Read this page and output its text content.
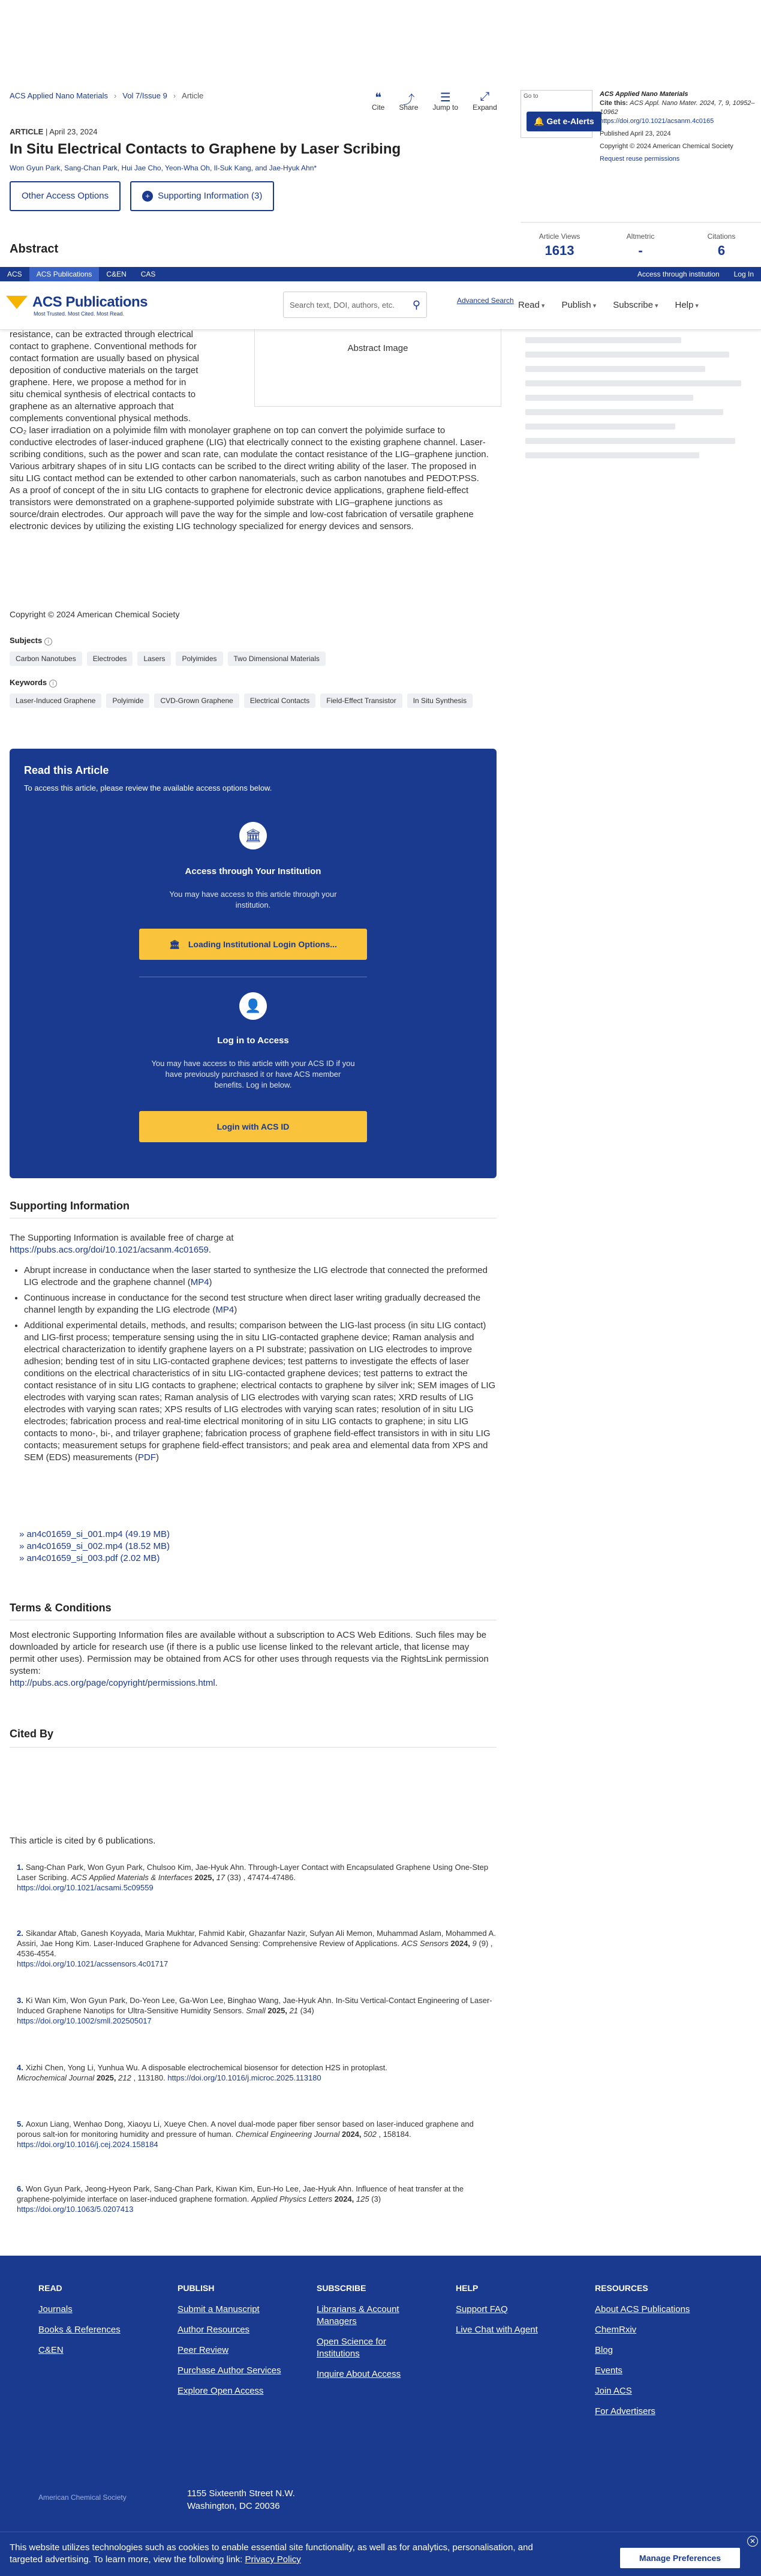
ACS Applied Nano Materials › Vol 7/Issue 9 › Article	❝
Cite
⤴
Share
☰
Jump to
⤢
Expand
ARTICLE | April 23, 2024
In Situ Electrical Contacts to Graphene by Laser Scribing
Won Gyun Park, Sang-Chan Park, Hui Jae Cho, Yeon-Wha Oh, Il-Suk Kang, and Jae-Hyuk Ahn*
Other Access Options	+ Supporting Information (3)
Abstract
Go to
🔔 Get e-Alerts
ACS Applied Nano Materials
Cite this: ACS Appl. Nano Mater. 2024, 7, 9, 10952–10962
https://doi.org/10.1021/acsanm.4c0165
Published April 23, 2024
Copyright © 2024 American Chemical Society
Request reuse permissions
Article Views
1613
Altmetric
-
Citations
6
ACS	ACS Publications	C&EN	CAS	Access through institution	Log In
ACS Publications
Most Trusted. Most Cited. Most Read.
Search text, DOI, authors, etc. ⚲	Advanced Search Read ▾	Publish ▾	Subscribe ▾	Help ▾
resistance, can be extracted through electrical
contact to graphene. Conventional methods for
contact formation are usually based on physical
deposition of conductive materials on the target
graphene. Here, we propose a method for in
situ chemical synthesis of electrical contacts to
graphene as an alternative approach that
complements conventional physical methods.
CO₂ laser irradiation on a polyimide film with monolayer graphene on top can convert the polyimide surface to conductive electrodes of laser-induced graphene (LIG) that electrically connect to the existing graphene channel. Laser-scribing conditions, such as the power and scan rate, can modulate the contact resistance of the LIG–graphene junction. Various arbitrary shapes of in situ LIG contacts can be scribed to the direct writing ability of the laser. The proposed in situ LIG contact method can be extended to other carbon nanomaterials, such as carbon nanotubes and PEDOT:PSS. As a proof of concept of the in situ LIG contacts to graphene for electronic device applications, graphene field-effect transistors were demonstrated on a graphene-supported polyimide substrate with LIG–graphene junctions as source/drain electrodes. Our approach will pave the way for the simple and low-cost fabrication of versatile graphene electronic devices by utilizing the existing LIG technology specialized for energy devices and sensors.
Abstract Image
Copyright © 2024 American Chemical Society
Subjects i
Carbon Nanotubes	Electrodes	Lasers	Polyimides	Two Dimensional Materials
Keywords i
Laser-Induced Graphene	Polyimide	CVD-Grown Graphene	Electrical Contacts	Field-Effect Transistor	In Situ Synthesis
Read this Article
To access this article, please review the available access options below.
🏛
Access through Your Institution
You may have access to this article through your institution.
🏛 Loading Institutional Login Options...
👤
Log in to Access
You may have access to this article with your ACS ID if you have previously purchased it or have ACS member benefits. Log in below.
Login with ACS ID
Supporting Information
The Supporting Information is available free of charge at
https://pubs.acs.org/doi/10.1021/acsanm.4c01659.
• Abrupt increase in conductance when the laser started to synthesize the LIG electrode that connected the preformed LIG electrode and the graphene channel (MP4)
• Continuous increase in conductance for the second test structure when direct laser writing gradually decreased the channel length by expanding the LIG electrode (MP4)
• Additional experimental details, methods, and results; comparison between the LIG-last process (in situ LIG contact) and LIG-first process; temperature sensing using the in situ LIG-contacted graphene device; Raman analysis and electrical characterization to identify graphene layers on a PI substrate; passivation on LIG electrodes to improve adhesion; bending test of in situ LIG-contacted graphene devices; test patterns to investigate the effects of laser conditions on the electrical characteristics of in situ LIG-contacted graphene devices; test patterns to extract the contact resistance of in situ LIG contacts to graphene; electrical contacts to graphene by silver ink; SEM images of LIG electrodes with varying scan rates; Raman analysis of LIG electrodes with varying scan rates; XRD results of LIG electrodes with varying scan rates; XPS results of LIG electrodes with varying scan rates; resolution of in situ LIG electrodes; fabrication process and real-time electrical monitoring of in situ LIG contacts to graphene; in situ LIG contacts to mono-, bi-, and trilayer graphene; fabrication process of graphene field-effect transistors in with in situ LIG contacts; measurement setups for graphene field-effect transistors; and peak area and elemental data from XPS and SEM (EDS) measurements (PDF)
» an4c01659_si_001.mp4 (49.19 MB)
» an4c01659_si_002.mp4 (18.52 MB)
» an4c01659_si_003.pdf (2.02 MB)
Terms & Conditions
Most electronic Supporting Information files are available without a subscription to ACS Web Editions. Such files may be downloaded by article for research use (if there is a public use license linked to the relevant article, that license may permit other uses). Permission may be obtained from ACS for other uses through requests via the RightsLink permission system:
http://pubs.acs.org/page/copyright/permissions.html.
Cited By
This article is cited by 6 publications.
1. Sang-Chan Park, Won Gyun Park, Chulsoo Kim, Jae-Hyuk Ahn. Through-Layer Contact with Encapsulated Graphene Using One-Step Laser Scribing. ACS Applied Materials & Interfaces 2025, 17 (33) , 47474-47486.
https://doi.org/10.1021/acsami.5c09559
2. Sikandar Aftab, Ganesh Koyyada, Maria Mukhtar, Fahmid Kabir, Ghazanfar Nazir, Sufyan Ali Memon, Muhammad Aslam, Mohammed A. Assiri, Jae Hong Kim. Laser-Induced Graphene for Advanced Sensing: Comprehensive Review of Applications. ACS Sensors 2024, 9 (9) , 4536-4554.
https://doi.org/10.1021/acssensors.4c01717
3. Ki Wan Kim, Won Gyun Park, Do-Yeon Lee, Ga-Won Lee, Binghao Wang, Jae-Hyuk Ahn. In-Situ Vertical-Contact Engineering of Laser-Induced Graphene Nanotips for Ultra-Sensitive Humidity Sensors. Small 2025, 21 (34)
https://doi.org/10.1002/smll.202505017
4. Xizhi Chen, Yong Li, Yunhua Wu. A disposable electrochemical biosensor for detection H2S in protoplast.
Microchemical Journal 2025, 212 , 113180. https://doi.org/10.1016/j.microc.2025.113180
5. Aoxun Liang, Wenhao Dong, Xiaoyu Li, Xueye Chen. A novel dual-mode paper fiber sensor based on laser-induced graphene and porous salt-ion for monitoring humidity and pressure of human. Chemical Engineering Journal 2024, 502 , 158184. https://doi.org/10.1016/j.cej.2024.158184
6. Won Gyun Park, Jeong-Hyeon Park, Sang-Chan Park, Kiwan Kim, Eun-Ho Lee, Jae-Hyuk Ahn. Influence of heat transfer at the graphene-polyimide interface on laser-induced graphene formation. Applied Physics Letters 2024, 125 (3) https://doi.org/10.1063/5.0207413
READ
Journals
Books & References
C&EN
PUBLISH
Submit a Manuscript
Author Resources
Peer Review
Purchase Author Services
Explore Open Access
SUBSCRIBE
Librarians & Account Managers
Open Science for Institutions
Inquire About Access
HELP
Support FAQ
Live Chat with Agent
RESOURCES
About ACS Publications
ChemRxiv
Blog
Events
Join ACS
For Advertisers
American Chemical Society	1155 Sixteenth Street N.W.
Washington, DC 20036
This website utilizes technologies such as cookies to enable essential site functionality, as well as for analytics, personalisation, and targeted advertising. To learn more, view the following link: Privacy Policy	Manage Preferences
✕
